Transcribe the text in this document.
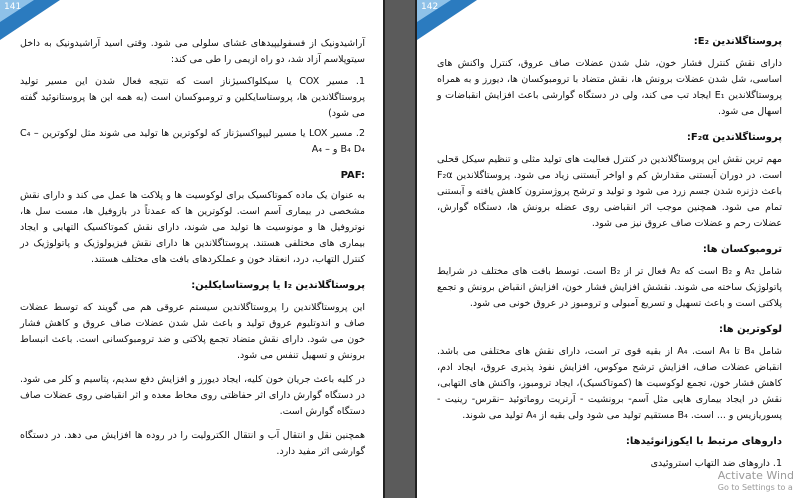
141
آراشیدونیک از فسفولیپیدهای غشای سلولی می شود. وقتی اسید آراشیدونیک به داخل سیتوپلاسم آزاد شد، دو راه ازیمی را طی می کند:
1. مسیر COX یا سیکلواکسیژناز است که نتیجه فعال شدن این مسیر تولید پروستاگلاندین ها، پروستاسایکلین و ترومبوکسان است (به همه این ها پروستانوئید گفته می شود)
2. مسیر LOX یا مسیر لیپواکسیژناز که لوکوترین ها تولید می شوند مثل لوکوترین C₄ – B₄ D₄ و – A₄
PAF:
به عنوان یک ماده کموتاکسیک برای لوکوسیت ها و پلاکت ها عمل می کند و دارای نقش مشخصی در بیماری آسم است. لوکوترین ها که عمدتاً در بازوفیل ها، مست سل ها، نوتروفیل ها و مونوسیت ها تولید می شوند، دارای نقش کموتاکسیک التهابی و ایجاد بیماری های مختلفی هستند. پروستاگلاندین ها دارای نقش فیزیولوژیک و پاتولوژیک در کنترل التهاب، درد، انعقاد خون و عملکردهای بافت های مختلف هستند.
پروستاگلاندین I₂ یا پروستاسایکلین:
این پروستاگلاندین را پروستاگلاندین سیستم عروقی هم می گویند که توسط عضلات صاف و اندوتلیوم عروق تولید و باعث شل شدن عضلات صاف عروق و کاهش فشار خون می شود. دارای نقش متضاد تجمع پلاکتی و ضد ترومبوکسانی است. باعث انبساط برونش و تسهیل تنفس می شود.
در کلیه باعث جریان خون کلیه، ایجاد دیورز و افزایش دفع سدیم، پتاسیم و کلر می شود. در دستگاه گوارش دارای اثر حفاظتی روی مخاط معده و اثر انقباضی روی عضلات صاف دستگاه گوارش است.
همچنین نقل و انتقال آب و انتقال الکترولیت را در روده ها افزایش می دهد. در دستگاه گوارشی اثر مفید دارد.
142
پروستاگلاندین E₂:
دارای نقش کنترل فشار خون، شل شدن عضلات صاف عروق، کنترل واکنش های اساسی، شل شدن عضلات برونش ها، نقش متضاد با ترومبوکسان ها، دیورز و به همراه پروستاگلاندین E₁ ایجاد تب می کند، ولی در دستگاه گوارشی باعث افزایش انقباضات و اسهال می شود.
پروستاگلاندین F₂α:
مهم ترین نقش این پروستاگلاندین در کنترل فعالیت های تولید مثلی و تنظیم سیکل قحلی است. در دوران آبستنی مقدارش کم و اواخر آبستنی زیاد می شود. پروستاگلاندین F₂α باعث دژنره شدن جسم زرد می شود و تولید و ترشح پروژسترون کاهش یافته و آبستنی تمام می شود. همچنین موجب اثر انقباضی روی عضله برونش ها، دستگاه گوارش، عضلات رحم و عضلات صاف عروق نیز می شود.
ترومبوکسان ها:
شامل A₂ و B₂ است که A₂ فعال تر از B₂ است. توسط بافت های مختلف در شرایط پاتولوژیک ساخته می شوند. نقشش افزایش فشار خون، افزایش انقباض برونش و تجمع پلاکتی است و باعث تسهیل و تسریع آمبولی و ترومبوز در عروق خونی می شود.
لوکوترین ها:
شامل B₄ تا A₄ است. A₄ از بقیه قوی تر است، دارای نقش های مختلفی می باشد. انقباض عضلات صاف، افزایش ترشح موکوس، افزایش نفوذ پذیری عروق، ایجاد ادم، کاهش فشار خون، تجمع لوکوسیت ها (کموتاکسیک)، ایجاد ترومبوز، واکنش های التهابی، نقش در ایجاد بیماری هایی مثل آسم- برونشیت - آرتریت روماتوئید –نقرس- رینیت - پسوریازیس و ... است. B₄ مستقیم تولید می شود ولی بقیه از A₄ تولید می شوند.
داروهای مرتبط با ایکوزانوئیدها:
1. داروهای ضد التهاب استروئیدی
Activate Wind
Go to Settings to a
